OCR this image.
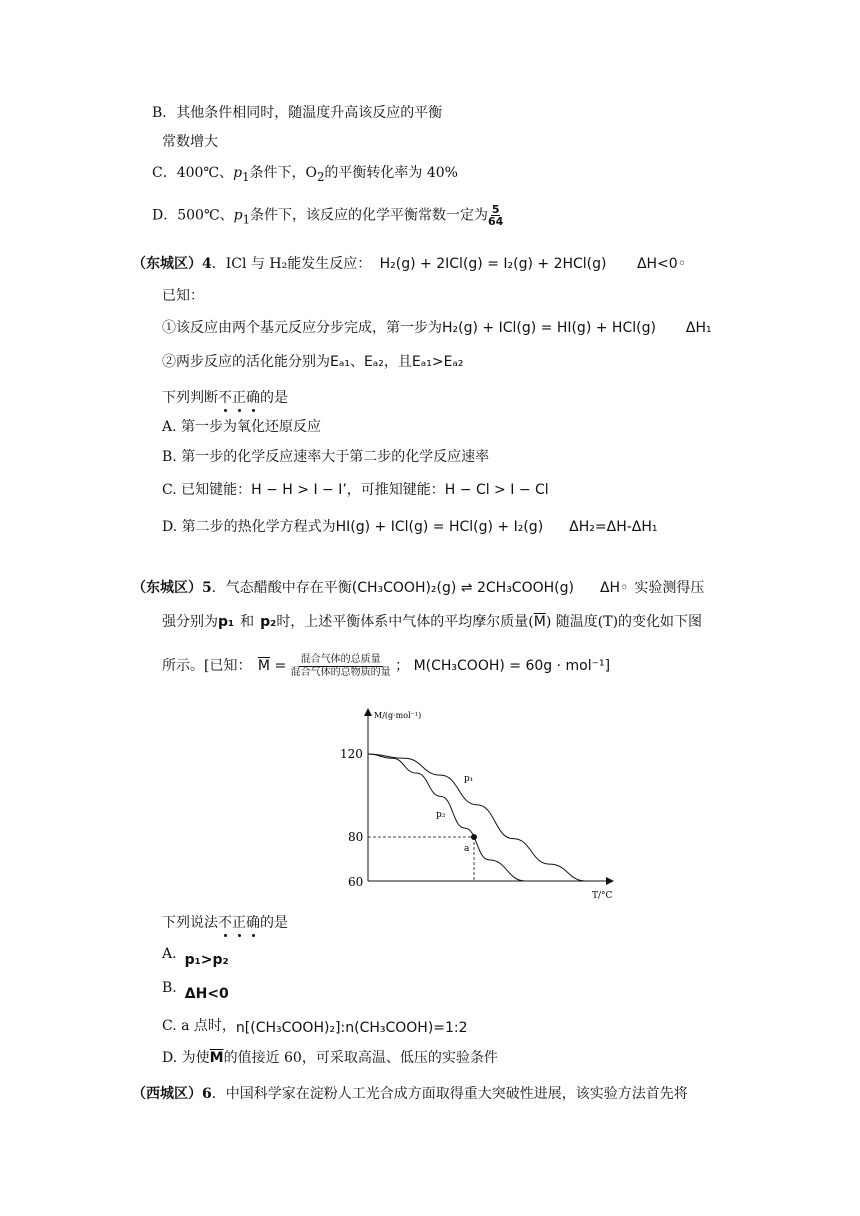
B．其他条件相同时，随温度升高该反应的平衡
常数增大
C．400℃、$p_1$条件下，$O_2$的平衡转化率为 40%
D．500℃、$p_1$条件下，该反应的化学平衡常数一定为 $\frac{5}{64}$
（东城区）4．ICl 与 H₂能发生反应： H₂(g) + 2ICl(g) = I₂(g) + 2HCl(g) ΔH<0◦
已知：
①该反应由两个基元反应分步完成，第一步为H₂(g) + ICl(g) = HI(g) + HCl(g) ΔH₁
②两步反应的活化能分别为Eₐ₁、Eₐ₂，且Eₐ₁>Eₐ₂
下列判断不正确的是
A. 第一步为氧化还原反应
B. 第一步的化学反应速率大于第二步的化学反应速率
C. 已知键能：H − H > I − I’，可推知键能：H − Cl > I − Cl
D. 第二步的热化学方程式为HI(g) + ICl(g) = HCl(g) + I₂(g) ΔH₂=ΔH-ΔH₁
（东城区）5．气态醋酸中存在平衡(CH₃COOH)₂(g) ⇌ 2CH₃COOH(g) ΔH◦ 实验测得压
强分别为p₁ 和 p₂时，上述平衡体系中气体的平均摩尔质量$(\overline{M})$ 随温度(T)的变化如下图
所示。[已知： $\overline{M}$ = 混合气体的总质量
混合气体的总物质的量 ； M(CH₃COOH) = 60g · mol⁻¹]
M/(g·mol⁻¹)
T/°C
120
80
60
a
p₁
p₂
下列说法不正确的是
A. p₁>p₂
B. ΔH<0
C. a 点时，n[(CH₃COOH)₂]:n(CH₃COOH)=1:2
D. 为使$\overline{M}$的值接近 60，可采取高温、低压的实验条件
（西城区）6．中国科学家在淀粉人工光合成方面取得重大突破性进展，该实验方法首先将
